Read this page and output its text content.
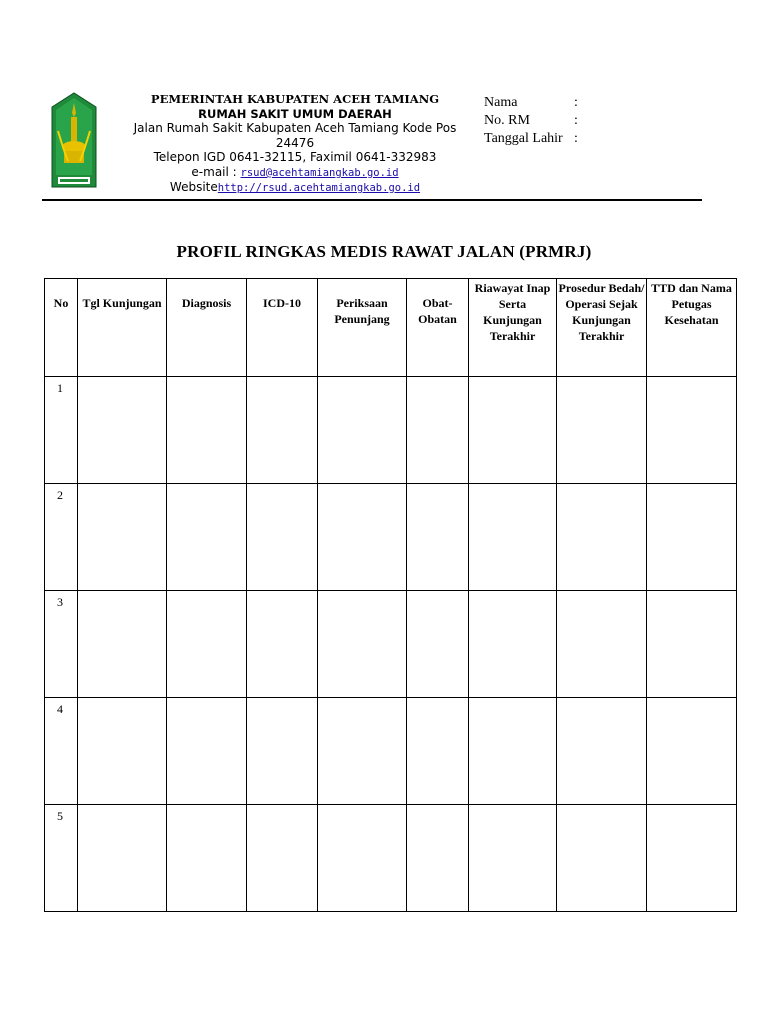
PEMERINTAH KABUPATEN ACEH TAMIANG
RUMAH SAKIT UMUM DAERAH
Jalan Rumah Sakit Kabupaten Aceh Tamiang Kode Pos
24476
Telepon IGD 0641-32115, Faximil 0641-332983
e-mail : rsud@acehtamiangkab.go.id
Websitehttp://rsud.acehtamiangkab.go.id
Nama	:
No. RM	:
Tanggal Lahir :
PROFIL RINGKAS MEDIS RAWAT JALAN (PRMRJ)
No	Tgl Kunjungan	Diagnosis	ICD-10	Periksaan Penunjang	Obat-Obatan	Riawayat Inap Serta Kunjungan Terakhir	Prosedur Bedah/ Operasi Sejak Kunjungan Terakhir	TTD dan Nama Petugas Kesehatan

1								
2								
3								
4								
5								
